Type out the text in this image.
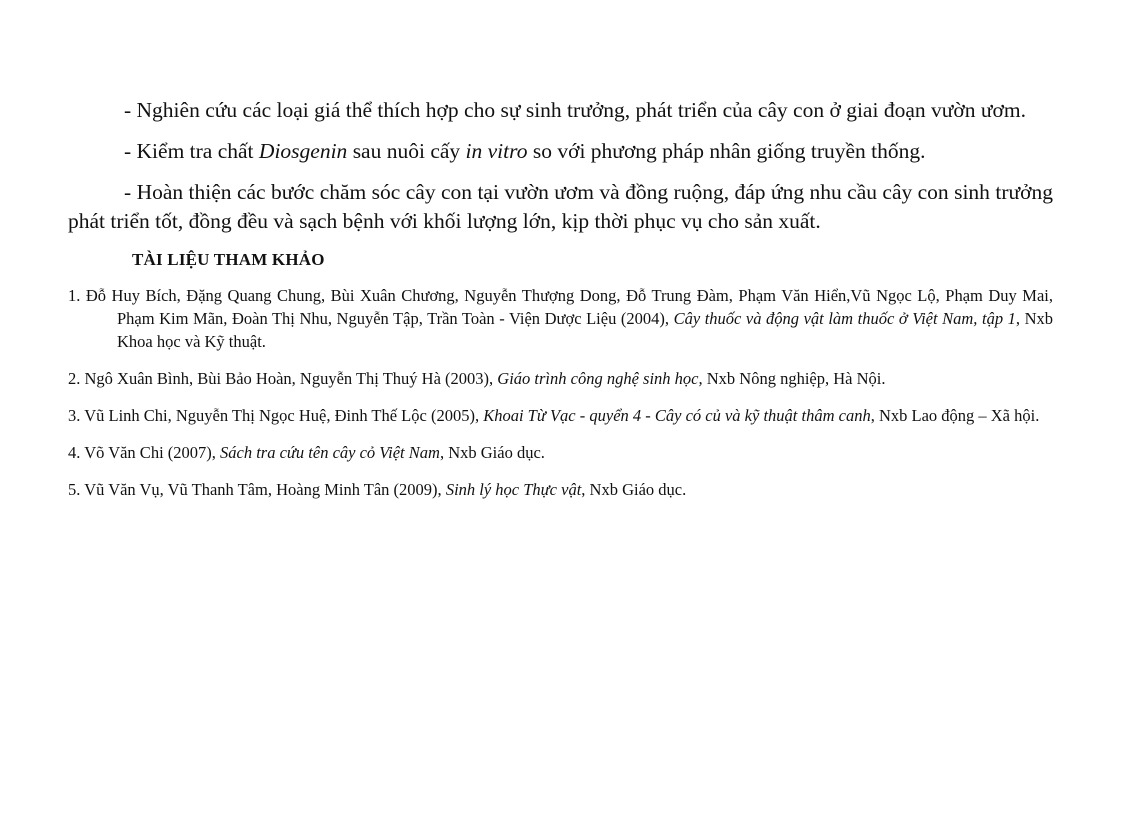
- Nghiên cứu các loại giá thể thích hợp cho sự sinh trưởng, phát triển của cây con ở giai đoạn vườn ươm.

- Kiểm tra chất Diosgenin sau nuôi cấy in vitro so với phương pháp nhân giống truyền thống.

- Hoàn thiện các bước chăm sóc cây con tại vườn ươm và đồng ruộng, đáp ứng nhu cầu cây con sinh trưởng phát triển tốt, đồng đều và sạch bệnh với khối lượng lớn, kịp thời phục vụ cho sản xuất.

TÀI LIỆU THAM KHẢO
1. Đỗ Huy Bích, Đặng Quang Chung, Bùi Xuân Chương, Nguyễn Thượng Dong, Đỗ Trung Đàm, Phạm Văn Hiển,Vũ Ngọc Lộ, Phạm Duy Mai, Phạm Kim Mãn, Đoàn Thị Nhu, Nguyễn Tập, Trần Toàn - Viện Dược Liệu (2004), Cây thuốc và động vật làm thuốc ở Việt Nam, tập 1, Nxb Khoa học và Kỹ thuật.
2. Ngô Xuân Bình, Bùi Bảo Hoàn, Nguyễn Thị Thuý Hà (2003), Giáo trình công nghệ sinh học, Nxb Nông nghiệp, Hà Nội.
3. Vũ Linh Chi, Nguyễn Thị Ngọc Huệ, Đinh Thế Lộc (2005), Khoai Từ Vạc - quyển 4 - Cây có củ và kỹ thuật thâm canh, Nxb Lao động – Xã hội.
4. Võ Văn Chi (2007), Sách tra cứu tên cây cỏ Việt Nam, Nxb Giáo dục.
5. Vũ Văn Vụ, Vũ Thanh Tâm, Hoàng Minh Tân (2009), Sinh lý học Thực vật, Nxb Giáo dục.
